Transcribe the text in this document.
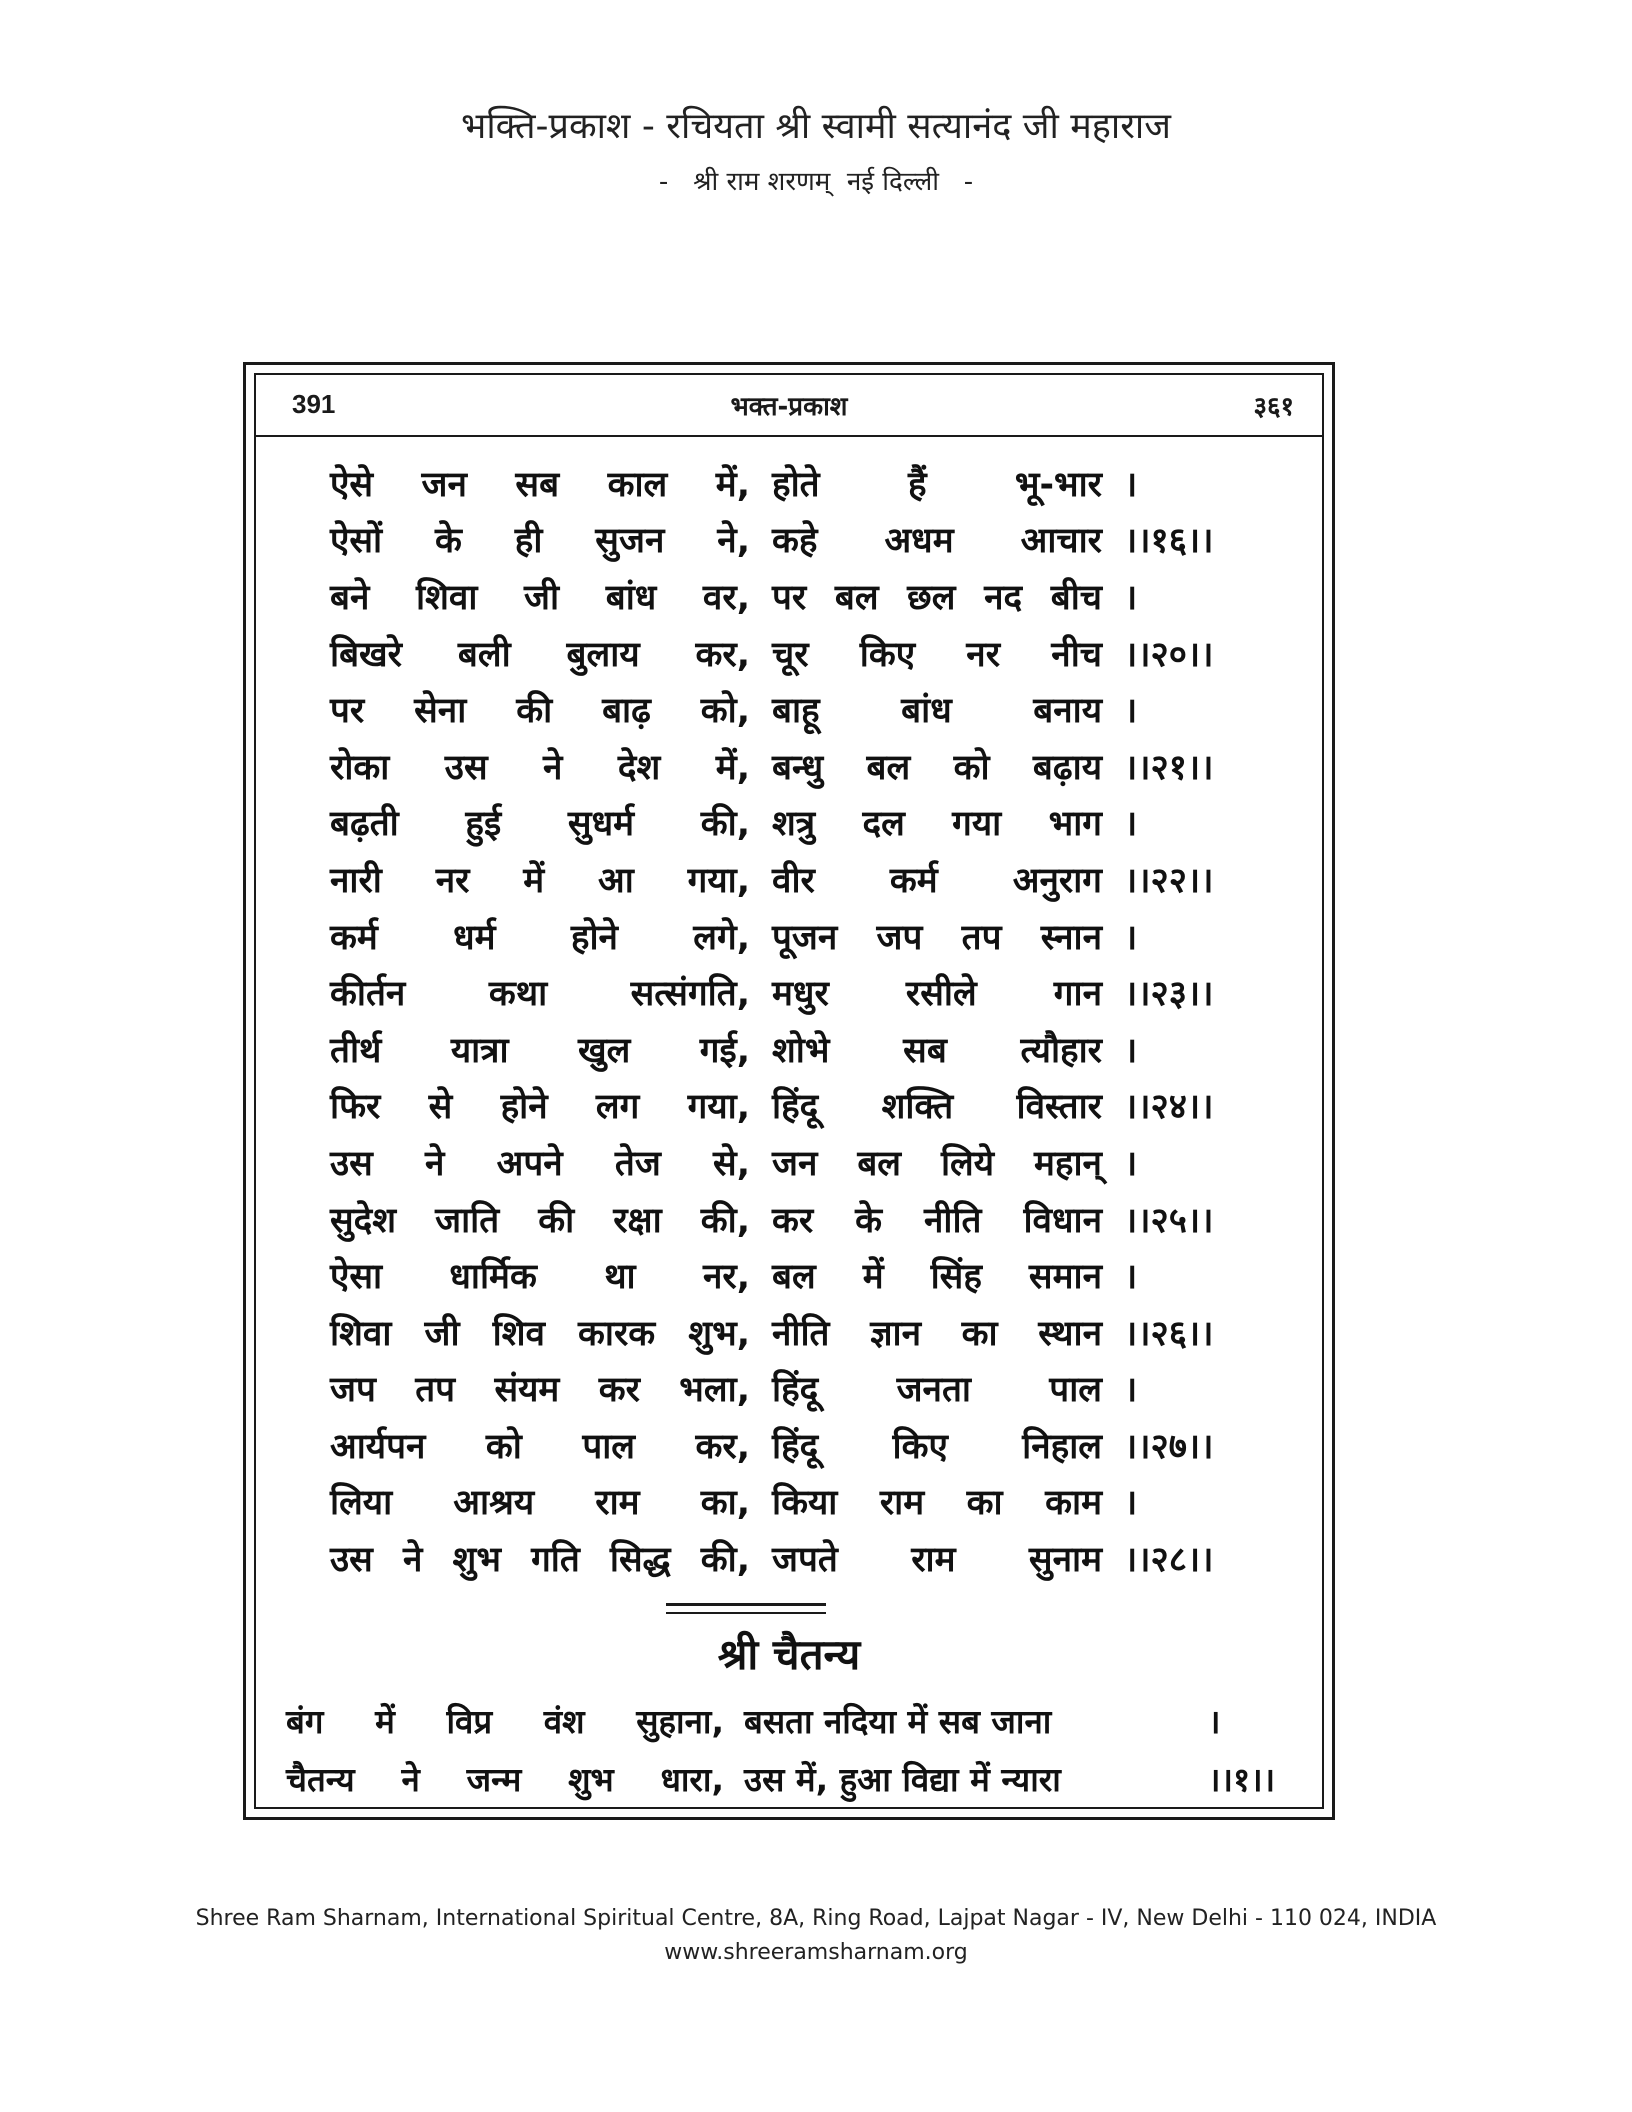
भक्ति-प्रकाश - रचियता श्री स्वामी सत्यानंद जी महाराज
-   श्री राम शरणम्  नई दिल्ली   -
391	भक्त-प्रकाश	३६१
ऐसे जन सब काल में, होते हैं भू-भार ।
ऐसों के ही सुजन ने, कहे अधम आचार ।।१६।।
बने शिवा जी बांध वर, पर बल छल नद बीच ।
बिखरे बली बुलाय कर, चूर किए नर नीच ।।२०।।
पर सेना की बाढ़ को, बाहू बांध बनाय ।
रोका उस ने देश में, बन्धु बल को बढ़ाय ।।२१।।
बढ़ती हुई सुधर्म की, शत्रु दल गया भाग ।
नारी नर में आ गया, वीर कर्म अनुराग ।।२२।।
कर्म धर्म होने लगे, पूजन जप तप स्नान ।
कीर्तन कथा सत्संगति, मधुर रसीले गान ।।२३।।
तीर्थ यात्रा खुल गई, शोभे सब त्यौहार ।
फिर से होने लग गया, हिंदू शक्ति विस्तार ।।२४।।
उस ने अपने तेज से, जन बल लिये महान् ।
सुदेश जाति की रक्षा की, कर के नीति विधान ।।२५।।
ऐसा धार्मिक था नर, बल में सिंह समान ।
शिवा जी शिव कारक शुभ, नीति ज्ञान का स्थान ।।२६।।
जप तप संयम कर भला, हिंदू जनता पाल ।
आर्यपन को पाल कर, हिंदू किए निहाल ।।२७।।
लिया आश्रय राम का, किया राम का काम ।
उस ने शुभ गति सिद्ध की, जपते राम सुनाम ।।२८।।
श्री चैतन्य
बंग में विप्र वंश सुहाना, बसता नदिया में सब जाना	।
चैतन्य ने जन्म शुभ धारा, उस में, हुआ विद्या में न्यारा	।।१।।
Shree Ram Sharnam, International Spiritual Centre, 8A, Ring Road, Lajpat Nagar - IV, New Delhi - 110 024, INDIA
www.shreeramsharnam.org
